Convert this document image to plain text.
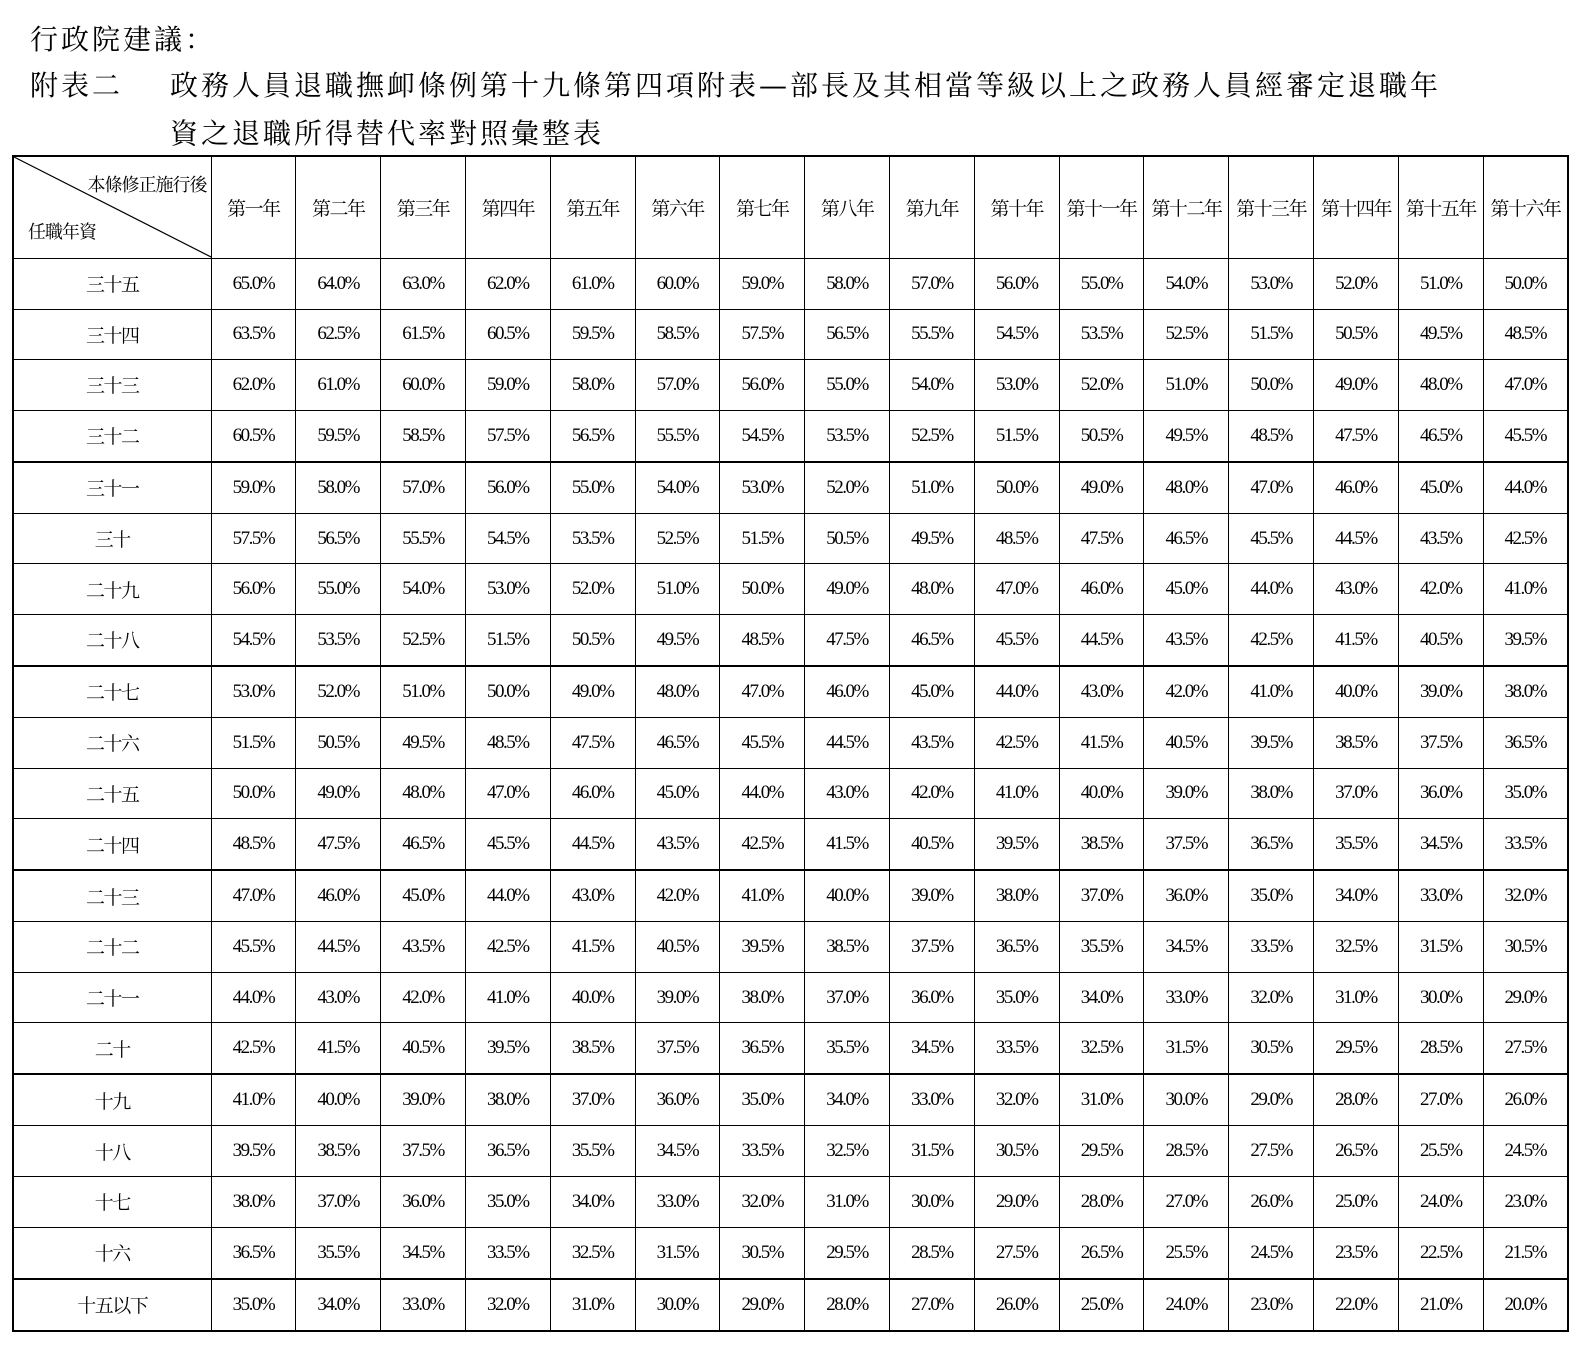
行政院建議：
附表二 政務人員退職撫卹條例第十九條第四項附表—部長及其相當等級以上之政務人員經審定退職年
資之退職所得替代率對照彙整表
本條修正施行後
任職年資	第一年	第二年	第三年	第四年	第五年	第六年	第七年	第八年	第九年	第十年	第十一年	第十二年	第十三年	第十四年	第十五年	第十六年
三十五	65.0%	64.0%	63.0%	62.0%	61.0%	60.0%	59.0%	58.0%	57.0%	56.0%	55.0%	54.0%	53.0%	52.0%	51.0%	50.0%
三十四	63.5%	62.5%	61.5%	60.5%	59.5%	58.5%	57.5%	56.5%	55.5%	54.5%	53.5%	52.5%	51.5%	50.5%	49.5%	48.5%
三十三	62.0%	61.0%	60.0%	59.0%	58.0%	57.0%	56.0%	55.0%	54.0%	53.0%	52.0%	51.0%	50.0%	49.0%	48.0%	47.0%
三十二	60.5%	59.5%	58.5%	57.5%	56.5%	55.5%	54.5%	53.5%	52.5%	51.5%	50.5%	49.5%	48.5%	47.5%	46.5%	45.5%
三十一	59.0%	58.0%	57.0%	56.0%	55.0%	54.0%	53.0%	52.0%	51.0%	50.0%	49.0%	48.0%	47.0%	46.0%	45.0%	44.0%
三十	57.5%	56.5%	55.5%	54.5%	53.5%	52.5%	51.5%	50.5%	49.5%	48.5%	47.5%	46.5%	45.5%	44.5%	43.5%	42.5%
二十九	56.0%	55.0%	54.0%	53.0%	52.0%	51.0%	50.0%	49.0%	48.0%	47.0%	46.0%	45.0%	44.0%	43.0%	42.0%	41.0%
二十八	54.5%	53.5%	52.5%	51.5%	50.5%	49.5%	48.5%	47.5%	46.5%	45.5%	44.5%	43.5%	42.5%	41.5%	40.5%	39.5%
二十七	53.0%	52.0%	51.0%	50.0%	49.0%	48.0%	47.0%	46.0%	45.0%	44.0%	43.0%	42.0%	41.0%	40.0%	39.0%	38.0%
二十六	51.5%	50.5%	49.5%	48.5%	47.5%	46.5%	45.5%	44.5%	43.5%	42.5%	41.5%	40.5%	39.5%	38.5%	37.5%	36.5%
二十五	50.0%	49.0%	48.0%	47.0%	46.0%	45.0%	44.0%	43.0%	42.0%	41.0%	40.0%	39.0%	38.0%	37.0%	36.0%	35.0%
二十四	48.5%	47.5%	46.5%	45.5%	44.5%	43.5%	42.5%	41.5%	40.5%	39.5%	38.5%	37.5%	36.5%	35.5%	34.5%	33.5%
二十三	47.0%	46.0%	45.0%	44.0%	43.0%	42.0%	41.0%	40.0%	39.0%	38.0%	37.0%	36.0%	35.0%	34.0%	33.0%	32.0%
二十二	45.5%	44.5%	43.5%	42.5%	41.5%	40.5%	39.5%	38.5%	37.5%	36.5%	35.5%	34.5%	33.5%	32.5%	31.5%	30.5%
二十一	44.0%	43.0%	42.0%	41.0%	40.0%	39.0%	38.0%	37.0%	36.0%	35.0%	34.0%	33.0%	32.0%	31.0%	30.0%	29.0%
二十	42.5%	41.5%	40.5%	39.5%	38.5%	37.5%	36.5%	35.5%	34.5%	33.5%	32.5%	31.5%	30.5%	29.5%	28.5%	27.5%
十九	41.0%	40.0%	39.0%	38.0%	37.0%	36.0%	35.0%	34.0%	33.0%	32.0%	31.0%	30.0%	29.0%	28.0%	27.0%	26.0%
十八	39.5%	38.5%	37.5%	36.5%	35.5%	34.5%	33.5%	32.5%	31.5%	30.5%	29.5%	28.5%	27.5%	26.5%	25.5%	24.5%
十七	38.0%	37.0%	36.0%	35.0%	34.0%	33.0%	32.0%	31.0%	30.0%	29.0%	28.0%	27.0%	26.0%	25.0%	24.0%	23.0%
十六	36.5%	35.5%	34.5%	33.5%	32.5%	31.5%	30.5%	29.5%	28.5%	27.5%	26.5%	25.5%	24.5%	23.5%	22.5%	21.5%
十五以下	35.0%	34.0%	33.0%	32.0%	31.0%	30.0%	29.0%	28.0%	27.0%	26.0%	25.0%	24.0%	23.0%	22.0%	21.0%	20.0%
